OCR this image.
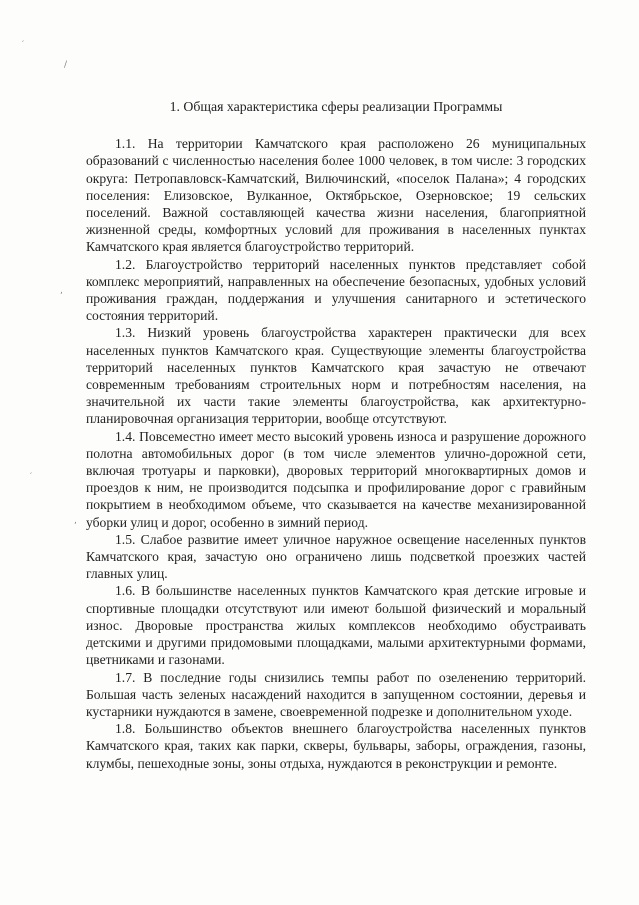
′
/
,
′
,

1. Общая характеристика сферы реализации Программы

1.1. На территории Камчатского края расположено 26 муниципальных образований с численностью населения более 1000 человек, в том числе: 3 городских округа: Петропавловск-Камчатский, Вилючинский, «поселок Палана»; 4 городских поселения: Елизовское, Вулканное, Октябрьское, Озерновское; 19 сельских поселений. Важной составляющей качества жизни населения, благоприятной жизненной среды, комфортных условий для проживания в населенных пунктах Камчатского края является благоустройство территорий.

1.2. Благоустройство территорий населенных пунктов представляет собой комплекс мероприятий, направленных на обеспечение безопасных, удобных условий проживания граждан, поддержания и улучшения санитарного и эстетического состояния территорий.

1.3. Низкий уровень благоустройства характерен практически для всех населенных пунктов Камчатского края. Существующие элементы благоустройства территорий населенных пунктов Камчатского края зачастую не отвечают современным требованиям строительных норм и потребностям населения, на значительной их части такие элементы благоустройства, как архитектурно-планировочная организация территории, вообще отсутствуют.

1.4. Повсеместно имеет место высокий уровень износа и разрушение дорожного полотна автомобильных дорог (в том числе элементов улично-дорожной сети, включая тротуары и парковки), дворовых территорий многоквартирных домов и проездов к ним, не производится подсыпка и профилирование дорог с гравийным покрытием в необходимом объеме, что сказывается на качестве механизированной уборки улиц и дорог, особенно в зимний период.

1.5. Слабое развитие имеет уличное наружное освещение населенных пунктов Камчатского края, зачастую оно ограничено лишь подсветкой проезжих частей главных улиц.

1.6. В большинстве населенных пунктов Камчатского края детские игровые и спортивные площадки отсутствуют или имеют большой физический и моральный износ. Дворовые пространства жилых комплексов необходимо обустраивать детскими и другими придомовыми площадками, малыми архитектурными формами, цветниками и газонами.

1.7. В последние годы снизились темпы работ по озеленению территорий. Большая часть зеленых насаждений находится в запущенном состоянии, деревья и кустарники нуждаются в замене, своевременной подрезке и дополнительном уходе.

1.8. Большинство объектов внешнего благоустройства населенных пунктов Камчатского края, таких как парки, скверы, бульвары, заборы, ограждения, газоны, клумбы, пешеходные зоны, зоны отдыха, нуждаются в реконструкции и ремонте.
